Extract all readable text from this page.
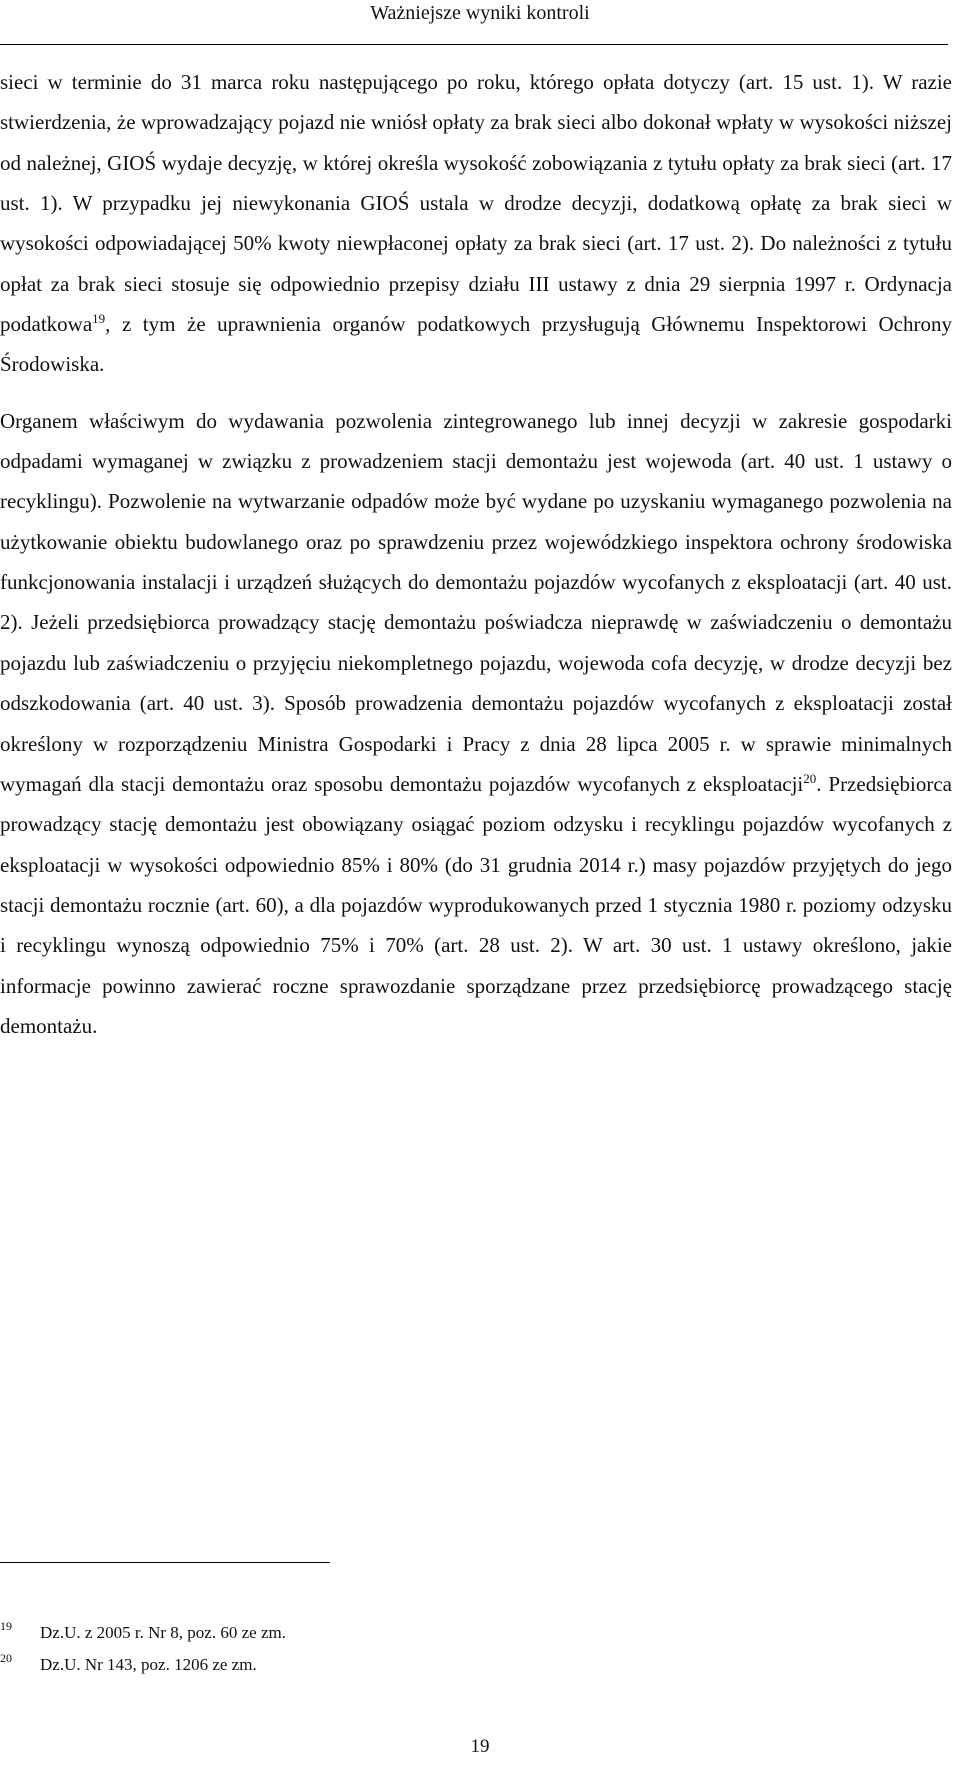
Ważniejsze wyniki kontroli

sieci w terminie do 31 marca roku następującego po roku, którego opłata dotyczy (art. 15 ust. 1). W razie stwierdzenia, że wprowadzający pojazd nie wniósł opłaty za brak sieci albo dokonał wpłaty w wysokości niższej od należnej, GIOŚ wydaje decyzję, w której określa wysokość zobowiązania z tytułu opłaty za brak sieci (art. 17 ust. 1). W przypadku jej niewykonania GIOŚ ustala w drodze decyzji, dodatkową opłatę za brak sieci w wysokości odpowiadającej 50% kwoty niewpłaconej opłaty za brak sieci (art. 17 ust. 2). Do należności z tytułu opłat za brak sieci stosuje się odpowiednio przepisy działu III ustawy z dnia 29 sierpnia 1997 r. Ordynacja podatkowa$^{19}$, z tym że uprawnienia organów podatkowych przysługują Głównemu Inspektorowi Ochrony Środowiska.

Organem właściwym do wydawania pozwolenia zintegrowanego lub innej decyzji w zakresie gospodarki odpadami wymaganej w związku z prowadzeniem stacji demontażu jest wojewoda (art. 40 ust. 1 ustawy o recyklingu). Pozwolenie na wytwarzanie odpadów może być wydane po uzyskaniu wymaganego pozwolenia na użytkowanie obiektu budowlanego oraz po sprawdzeniu przez wojewódzkiego inspektora ochrony środowiska funkcjonowania instalacji i urządzeń służących do demontażu pojazdów wycofanych z eksploatacji (art. 40 ust. 2). Jeżeli przedsiębiorca prowadzący stację demontażu poświadcza nieprawdę w zaświadczeniu o demontażu pojazdu lub zaświadczeniu o przyjęciu niekompletnego pojazdu, wojewoda cofa decyzję, w drodze decyzji bez odszkodowania (art. 40 ust. 3). Sposób prowadzenia demontażu pojazdów wycofanych z eksploatacji został określony w rozporządzeniu Ministra Gospodarki i Pracy z dnia 28 lipca 2005 r. w sprawie minimalnych wymagań dla stacji demontażu oraz sposobu demontażu pojazdów wycofanych z eksploatacji$^{20}$. Przedsiębiorca prowadzący stację demontażu jest obowiązany osiągać poziom odzysku i recyklingu pojazdów wycofanych z eksploatacji w wysokości odpowiednio 85% i 80% (do 31 grudnia 2014 r.) masy pojazdów przyjętych do jego stacji demontażu rocznie (art. 60), a dla pojazdów wyprodukowanych przed 1 stycznia 1980 r. poziomy odzysku i recyklingu wynoszą odpowiednio 75% i 70% (art. 28 ust. 2). W art. 30 ust. 1 ustawy określono, jakie informacje powinno zawierać roczne sprawozdanie sporządzane przez przedsiębiorcę prowadzącego stację demontażu.

19	Dz.U. z 2005 r. Nr 8, poz. 60 ze zm.
20	Dz.U. Nr 143, poz. 1206 ze zm.
19
